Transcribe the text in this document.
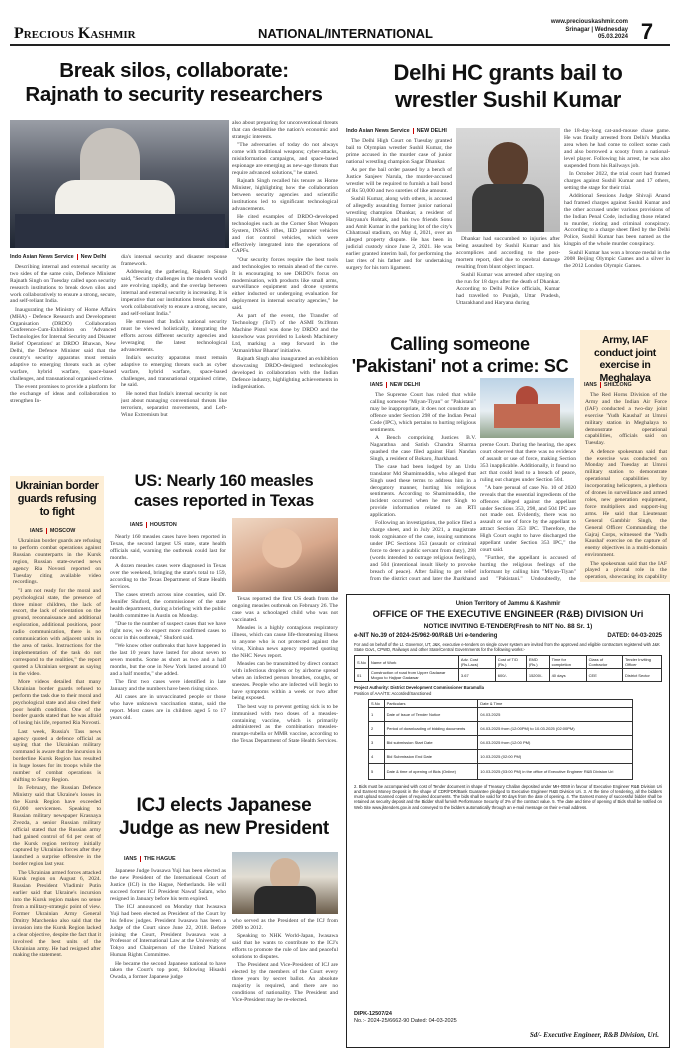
Precious Kashmir	NATIONAL/INTERNATIONAL
www.preciouskashmir.com
Srinagar | Wednesday
05.03.2024 7
Break silos, collaborate: Rajnath to security researchers
Indo Asian News Service New Delhi

Describing internal and external security as two sides of the same coin, Defence Minister Rajnath Singh on Tuesday called upon security research institutions to break down silos and work collaboratively to ensure a strong, secure, and self-reliant India.

Inaugurating the Ministry of Home Affairs (MHA) - Defence Research and Development Organisation (DRDO) Collaboration Conference-Cum-Exhibition on 'Advanced Technologies for Internal Security and Disaster Relief Operations' at DRDO Bhawan, New Delhi, the Defence Minister said that the country's security apparatus must remain adaptive to emerging threats such as cyber warfare, hybrid warfare, space-based challenges, and transnational organised crime.

The event promises to provide a platform for the exchange of ideas and collaboration to strengthen In-

dia's internal security and disaster response framework.

Addressing the gathering, Rajnath Singh said, "Security challenges in the modern world are evolving rapidly, and the overlap between internal and external security is increasing. It is imperative that our institutions break silos and work collaboratively to ensure a strong, secure, and self-reliant India."

He stressed that India's national security must be viewed holistically, integrating the efforts across different security agencies and leveraging the latest technological advancements.

India's security apparatus must remain adaptive to emerging threats such as cyber warfare, hybrid warfare, space-based challenges, and transnational organised crime, he said.

He noted that India's internal security is not just about managing conventional threats like terrorism, separatist movements, and Left-Wing Extremism but

also about preparing for unconventional threats that can destabilise the nation's economic and strategic interests.

"The adversaries of today do not always come with traditional weapons; cyber-attacks, misinformation campaigns, and space-based espionage are emerging as new-age threats that require advanced solutions," he stated.

Rajnath Singh recalled his tenure as Home Minister, highlighting how the collaboration between security agencies and scientific institutions led to significant technological advancements.

He cited examples of DRDO-developed technologies such as the Corner Shot Weapon System, INSAS rifles, IED jammer vehicles and riot control vehicles, which were effectively integrated into the operations of CAPFs.

"Our security forces require the best tools and technologies to remain ahead of the curve. It is encouraging to see DRDO's focus on modernisation, with products like small arms, surveillance equipment and drone systems either inducted or undergoing evaluation for deployment in internal security agencies," he said.

As part of the event, the Transfer of Technology (ToT) of the ASMI 9x19mm Machine Pistol was done by DRDO and the knowhow was provided to Lokesh Machinery Ltd, marking a step forward in the 'Atmanirbhar Bharat' initiative.

Rajnath Singh also inaugurated an exhibition showcasing DRDO-designed technologies developed in collaboration with the Indian Defence industry, highlighting achievements in indigenisation.

Delhi HC grants bail to wrestler Sushil Kumar
Indo Asian News Service NEW DELHI

The Delhi High Court on Tuesday granted bail to Olympian wrestler Sushil Kumar, the prime accused in the murder case of junior national wrestling champion Sagar Dhankar.

As per the bail order passed by a bench of Justice Sanjeev Narula, the murder-accused wrestler will be required to furnish a bail bond of Rs 50,000 and two sureties of like amount.

Sushil Kumar, along with others, is accused of allegedly assaulting former junior national wrestling champion Dhankar, a resident of Haryana's Rohtak, and his two friends Sonu and Amit Kumar in the parking lot of the city's Chhatrasal stadium, on May 4, 2021, over an alleged property dispute. He has been in judicial custody since June 2, 2021. He was earlier granted interim bail, for performing the last rites of his father and for undertaking surgery for his torn ligament.

Dhankar had succumbed to injuries after being assaulted by Sushil Kumar and his accomplices and according to the post-mortem report, died due to cerebral damage resulting from blunt object impact.

Sushil Kumar was arrested after staying on the run for 18 days after the death of Dhankar. According to Delhi Police officials, Kumar had travelled to Punjab, Uttar Pradesh, Uttarakhand and Haryana during

the 18-day-long cat-and-mouse chase game. He was finally arrested from Delhi's Mundka area when he had come to collect some cash and also borrowed a scooty from a national-level player. Following his arrest, he was also suspended from his Railways job.

In October 2022, the trial court had framed charges against Sushil Kumar and 17 others, setting the stage for their trial.

Additional Sessions Judge Shivaji Anand had framed charges against Sushil Kumar and the other accused under various provisions of the Indian Penal Code, including those related to murder, rioting and criminal conspiracy. According to a charge sheet filed by the Delhi Police, Sushil Kumar has been named as the kingpin of the whole murder conspiracy.

Sushil Kumar has won a bronze medal in the 2008 Beijing Olympic Games and a silver in the 2012 London Olympic Games.

Calling someone 'Pakistani' not a crime: SC
IANS NEW DELHI

The Supreme Court has ruled that while calling someone "Miyan-Tiyan" or "Pakistani" may be inappropriate, it does not constitute an offence under Section 298 of the Indian Penal Code (IPC), which pertains to hurting religious sentiments.

A Bench comprising Justices B.V. Nagarathna and Satish Chandra Sharma quashed the case filed against Hari Nandan Singh, a resident of Bokaro, Jharkhand.

The case had been lodged by an Urdu translator Md Shamimuddin, who alleged that Singh used these terms to address him in a derogatory manner, hurting his religious sentiments. According to Shamimuddin, the incident occurred when he met Singh to provide information related to an RTI application.

Following an investigation, the police filed a charge sheet, and in July 2021, a magistrate took cognisance of the case, issuing summons under IPC Sections 353 (assault or criminal force to deter a public servant from duty), 298 (words intended to outrage religious feelings), and 504 (intentional insult likely to provoke breach of peace). After failing to get relief from the district court and later the Jharkhand

preme Court. During the hearing, the apex court observed that there was no evidence of assault or use of force, making Section 353 inapplicable. Additionally, it found no act that could lead to a breach of peace, ruling out charges under Section 504.

"A bare perusal of case No. 10 of 2020 reveals that the essential ingredients of the offences alleged against the appellant under Sections 353, 298, and 504 IPC are not made out. Evidently, there was no assault or use of force by the appellant to attract Section 353 IPC. Therefore, the High Court ought to have discharged the appellant under Section 353 IPC," the court said.

"Further, the appellant is accused of hurting the religious feelings of the informant by calling him "Miyan-Tiyan" and "Pakistani." Undoubtedly, the

Army, IAF conduct joint exercise in Meghalaya
IANS SHILLONG

The Red Horns Division of the Army and the Indian Air Force (IAF) conducted a two-day joint exercise 'Yudh Kaushal' at Umroi military station in Meghalaya to demonstrate operational capabilities, officials said on Tuesday.

A defence spokesman said that the exercise was conducted on Monday and Tuesday at Umroi military station to demonstrate operational capabilities by incorporating helicopters, a plethora of drones in surveillance and armed roles, new generation equipment, force multipliers and support-ing arms. He said that Lieutenant General Gambhir Singh, the General Officer Commanding the Gajraj Corps, witnessed the 'Yudh Kaushal' exercise on the capture of enemy objectives in a multi-domain environment.

The spokesman said that the IAF played a pivotal role in the operation, showcasing its capability

Ukrainian border guards refusing to fight
IANS MOSCOW

Ukrainian border guards are refusing to perform combat operations against Russian counterparts in the Kursk region, Russian state-owned news agency Ria Novosti reported on Tuesday citing available video recordings.

"I am not ready for the moral and psychological state, the presence of three minor children, the lack of escort, the lack of orientation on the ground, reconnaissance and additional exploration, additional positions, poor radio communication, there is no communication with adjacent units in the area of tasks. Instructions for the implementation of the task do not correspond to the realities," the report quoted a Ukrainian sergeant as saying in the video.

More videos detailed that many Ukrainian border guards refused to perform the task due to their moral and psychological state and also cited their poor health condition. One of the border guards stated that he was afraid of losing his life, reported Ria Novosti.

Last week, Russia's Tass news agency quoted a defence official as saying that the Ukrainian military command is aware that the incursion in borderline Kursk Region has resulted in huge losses for its troops while the number of combat operations is shifting to Sumy Region.

In February, the Russian Defence Ministry said that Ukraine's losses in the Kursk Region have exceeded 61,000 servicemen. Speaking to Russian military newspaper Krasnaya Zvezda, a senior Russian military official stated that the Russian army had gained control of 64 per cent of the Kursk region territory initially captured by Ukrainian forces after they launched a surprise offensive in the border region last year.

The Ukrainian armed forces attacked Kursk region on August 6, 2024. Russian President Vladimir Putin earlier said that Ukraine's incursion into the Kursk region makes no sense from a military-strategic point of view. Former Ukrainian Army General Dmitry Marchenko also said that the invasion into the Kursk Region lacked a clear objective, despite the fact that it involved the best units of the Ukrainian army. He had resigned after making the statement.

US: Nearly 160 measles cases reported in Texas
IANS HOUSTON

Nearly 160 measles cases have been reported in Texas, the second largest US state, state health officials said, warning the outbreak could last for months.

A dozen measles cases were diagnosed in Texas over the weekend, bringing the state's total to 159, according to the Texas Department of State Health Services.

The cases stretch across nine counties, said Dr. Jennifer Shuford, the commissioner of the state health department, during a briefing with the public health committee in Austin on Monday.

"Due to the number of suspect cases that we have right now, we do expect more confirmed cases to occur in this outbreak," Shuford said.

"We know other outbreaks that have happened in the last 10 years have lasted for about seven to seven months. Some as short as two and a half months, but the one in New York lasted around 10 and a half months," she added.

The first two cases were identified in late January and the numbers have been rising since.

All cases are in unvaccinated people or those who have unknown vaccination status, said the report. Most cases are in children aged 5 to 17 years old.

Texas reported the first US death from the ongoing measles outbreak on February 26. The case was a schoolaged child who was not vaccinated.

Measles is a highly contagious respiratory illness, which can cause life-threatening illness to anyone who is not protected against the virus, Xinhua news agency reported quoting the NHC News report.

Measles can be transmitted by direct contact with infectious droplets or by airborne spread when an infected person breathes, coughs, or sneezes. People who are infected will begin to have symptoms within a week or two after being exposed.

The best way to prevent getting sick is to be immunised with two doses of a measles-containing vaccine, which is primarily administered as the combination measles-mumps-rubella or MMR vaccine, according to the Texas Department of State Health Services.

ICJ elects Japanese Judge as new President
IANS THE HAGUE

Japanese Judge Iwasawa Yuji has been elected as the new President of the International Court of Justice (ICJ) in the Hague, Netherlands. He will succeed former ICJ President Nawaf Salam, who resigned in January before his term expired.

The ICJ announced on Monday that Iwasawa Yuji had been elected as President of the Court by his fellow judges. President Iwasawa has been a Judge of the Court since June 22, 2018. Before joining the Court, President Iwasawa was a Professor of International Law at the University of Tokyo and Chairperson of the United Nations Human Rights Committee.

He became the second Japanese national to have taken the Court's top post, following Hisashi Owada, a former Japanese judge

who served as the President of the ICJ from 2009 to 2012.

Speaking to NHK World-Japan, Iwasawa said that he wants to contribute to the ICJ's efforts to promote the rule of law and peaceful solutions to disputes.

The President and Vice-President of ICJ are elected by the members of the Court every three years by secret ballot. An absolute majority is required, and there are no conditions of nationality. The President and Vice-President may be re-elected.

Union Territory of Jammu & Kashmir
OFFICE OF THE EXECUTIVE ENGINEER (R&B) DIVISION Uri
NOTICE INVITING E-TENDER(Fresh to NIT No. 88 Sr. 1)
e-NIT No.39 of 2024-25/962-90/R&B Uri e-tendering	DATED: 04-03-2025
For and on behalf of the Lt. Governor, UT, J&K, executive e-tenders on single cover system are invited from the approved and eligible contractors registered with J&K State Govt., CPWD, Railways and other State/Central Governments for the following works:-
S.No	Name of Work	Adv. Cost (Rs.Lacs)	Cost of T/D (Rs.)	EMD (Rs.)	Time for completion	Class of Contractor	Tender Inviting Officer
01	Construction of road from Upper Gadawar Mogoo to Hajipar Gadawar	3.67	600/-	15200/-	40 days	CEE	District Sector
Project Authority: District Development Commissioner Baramulla
Position of AAA/TS: Accorded/Sanctioned
S.No	Particulars	Date & Time
1	Date of Issue of Tender Notice	04.03.2025
2	Period of downloading of bidding documents	04.03.2025 from (12:00PM) to 10.03.2025 (02:00PM)
3	Bid submission Start Date	04.03.2025 from (12:00 PM)
4	Bid Submission End Date	10.03.2025 (02:00 PM)
5	Date & time of opening of Bids (Online)	10.03.2025 (03:00 PM) in the office of Executive Engineer R&B Division Uri
2. Bids must be accompanied with cost of Tender document in shape of Treasury Challan deposited under MH-0059 in favour of Executive Engineer R&B Division Uri and Earnest Money Deposit in the shape of CDR/FDR/Bank Guarantee pledged to Executive Engineer R&B Division Uri. 3. At the time of tendering, all the bidders must upload scanned copies of required documents. The bids shall be valid for 90 days from the date of opening. 4. The Earnest money of successful bidder shall be retained as security deposit and the Bidder shall furnish Performance Security of 3% of the contract value. 5. The date and time of opening of Bids shall be notified on Web Site www.jktenders.gov.in and conveyed to the bidders automatically through an e-mail message on their e-mail address.
DIPK-12507/24
No.:- 2024-25/6662-90 Dated: 04-03-2025
Sd/- Executive Engineer, R&B Division, Uri.
